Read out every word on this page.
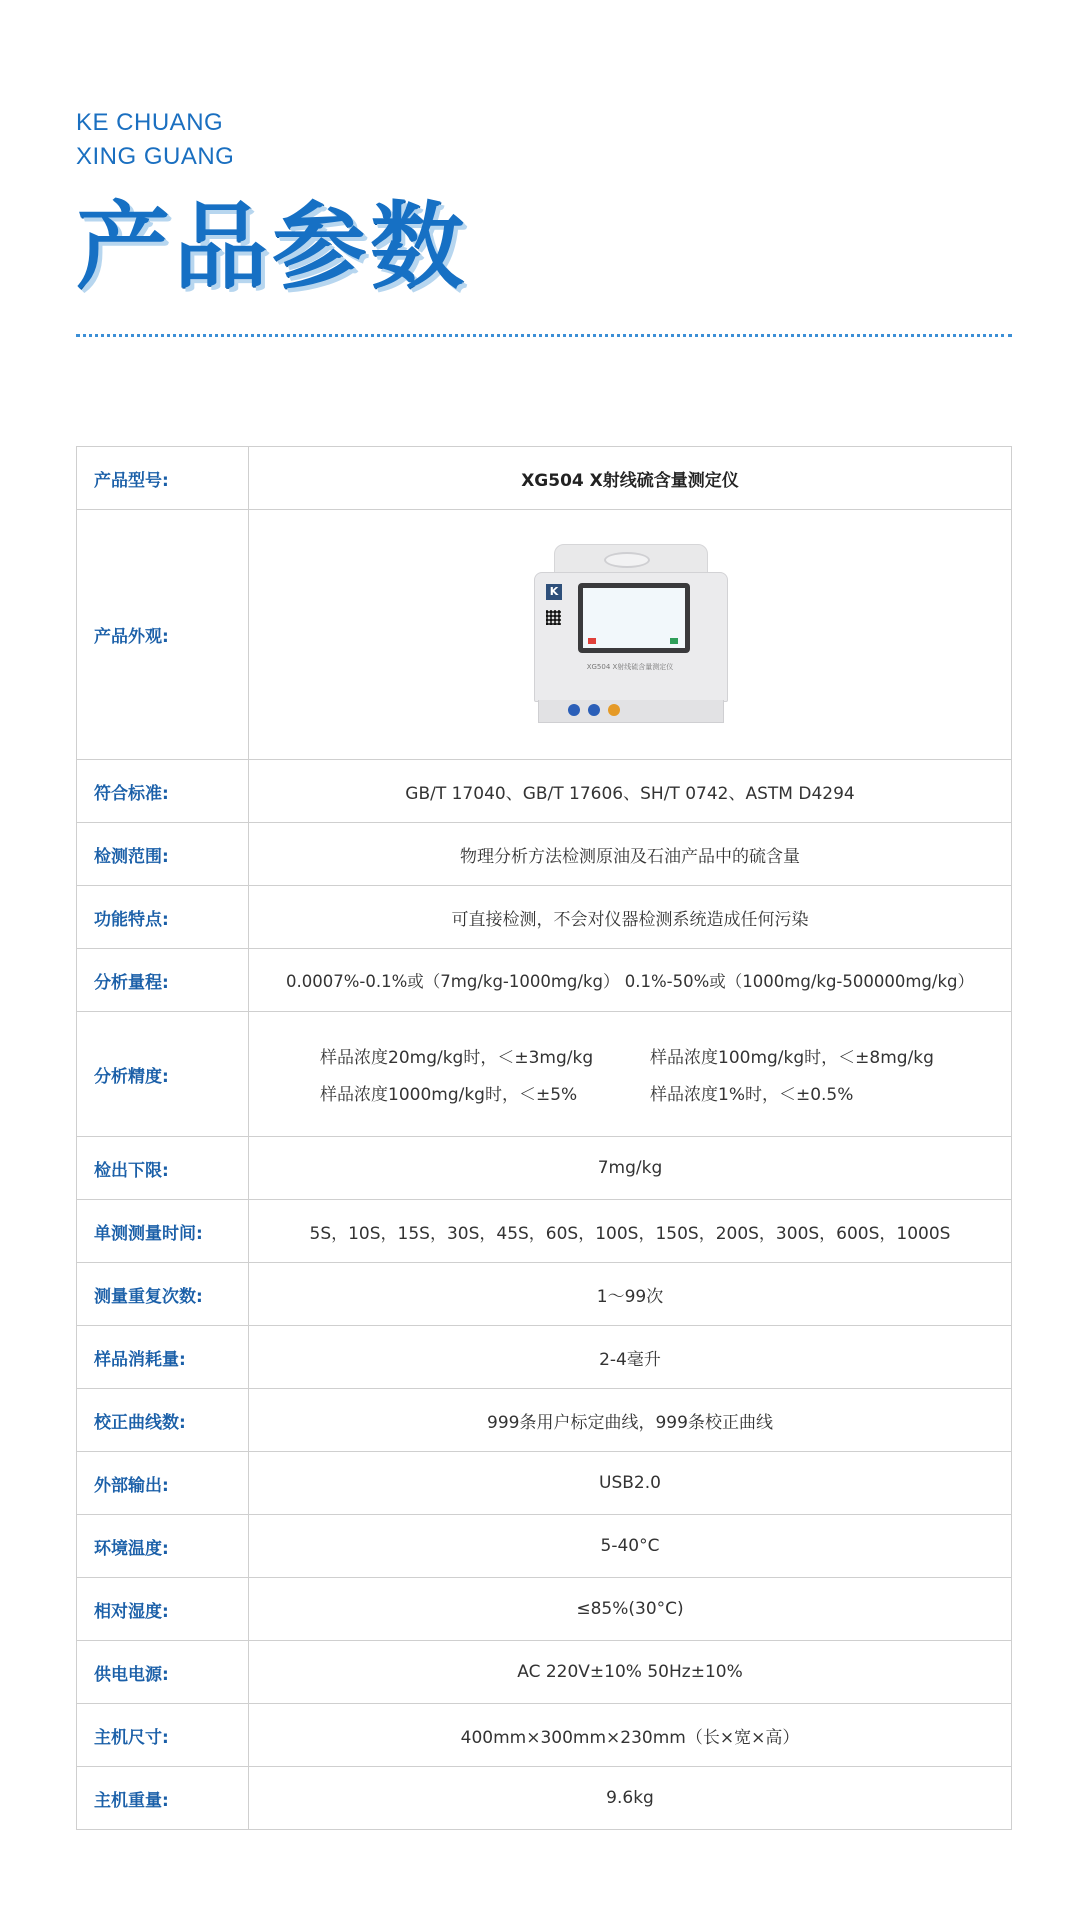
KE CHUANG
XING GUANG
产品参数
产品型号:	XG504 X射线硫含量测定仪
产品外观:	K
XG504 X射线硫含量测定仪

符合标准:	GB/T 17040、GB/T 17606、SH/T 0742、ASTM D4294
检测范围:	物理分析方法检测原油及石油产品中的硫含量
功能特点:	可直接检测，不会对仪器检测系统造成任何污染
分析量程:	0.0007%-0.1%或（7mg/kg-1000mg/kg） 0.1%-50%或（1000mg/kg-500000mg/kg）
分析精度:	样品浓度20mg/kg时，＜±3mg/kg 样品浓度100mg/kg时，＜±8mg/kg
样品浓度1000mg/kg时，＜±5% 样品浓度1%时，＜±0.5%

检出下限:	7mg/kg
单测测量时间:	5S，10S，15S，30S，45S，60S，100S，150S，200S，300S，600S，1000S
测量重复次数:	1～99次
样品消耗量:	2-4毫升
校正曲线数:	999条用户标定曲线，999条校正曲线
外部输出:	USB2.0
环境温度:	5-40°C
相对湿度:	≤85%(30°C)
供电电源:	AC 220V±10% 50Hz±10%
主机尺寸:	400mm×300mm×230mm（长×宽×高）
主机重量:	9.6kg
